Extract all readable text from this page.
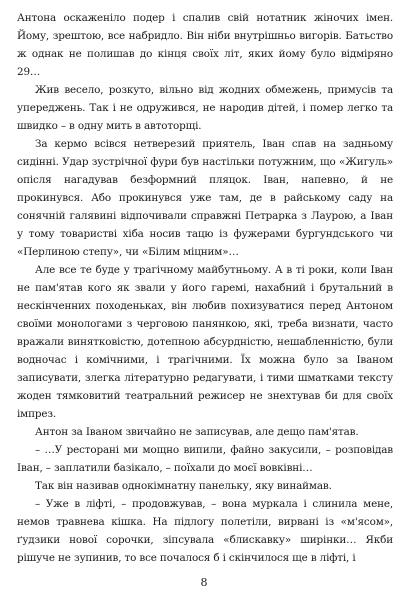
Антона оскаженіло подер і спалив свій нотатник жіночих імен. Йому, зрештою, все набридло. Він ніби внутрішньо вигорів. Батьство ж однак не полишав до кінця своїх літ, яких йому було відміряно 29…

Жив весело, розкуто, вільно від жодних обмежень, примусів та упереджень. Так і не одружився, не народив дітей, і помер легко та швидко – в одну мить в автоторщі.

За кермо всівся нетверезий приятель, Іван спав на задньому сидінні. Удар зустрічної фури був настільки потужним, що «Жигуль» опісля нагадував безформний пляцок. Іван, напевно, й не прокинувся. Або прокинувся уже там, де в райському саду на сонячній галявині відпочивали справжні Петрарка з Лаурою, а Іван у тому товаристві хіба носив тацю із фужерами бургундського чи «Перлиною степу», чи «Білим міцним»…

Але все те буде у трагічному майбутньому. А в ті роки, коли Іван не пам'ятав кого як звали у його гаремі, нахабний і брутальний в нескінченних походеньках, він любив похизуватися перед Антоном своїми монологами з черговою панянкою, які, треба визнати, часто вражали винятковістю, дотепною абсурдністю, нешабленністю, були водночас і комічними, і трагічними. Їх можна було за Іваном записувати, злегка літературно редагувати, і тими шматками тексту жоден тямковитий театральний режисер не знехтував би для своїх імпрез.

Антон за Іваном звичайно не записував, але дещо пам'ятав.

– …У ресторані ми мощно випили, файно закусили, – розповідав Іван, – заплатили базікало, – поїхали до моєї вовківні…

Так він називав однокімнатну панельку, яку винаймав.

– Уже в ліфті, – продовжував, – вона муркала і слинила мене, немов травнева кішка. На підлогу полетіли, вирвані із «м'ясом», ґудзики нової сорочки, зіпсувала «блискавку» ширінки… Якби рішуче не зупинив, то все почалося б і скінчилося ще в ліфті, і

8
